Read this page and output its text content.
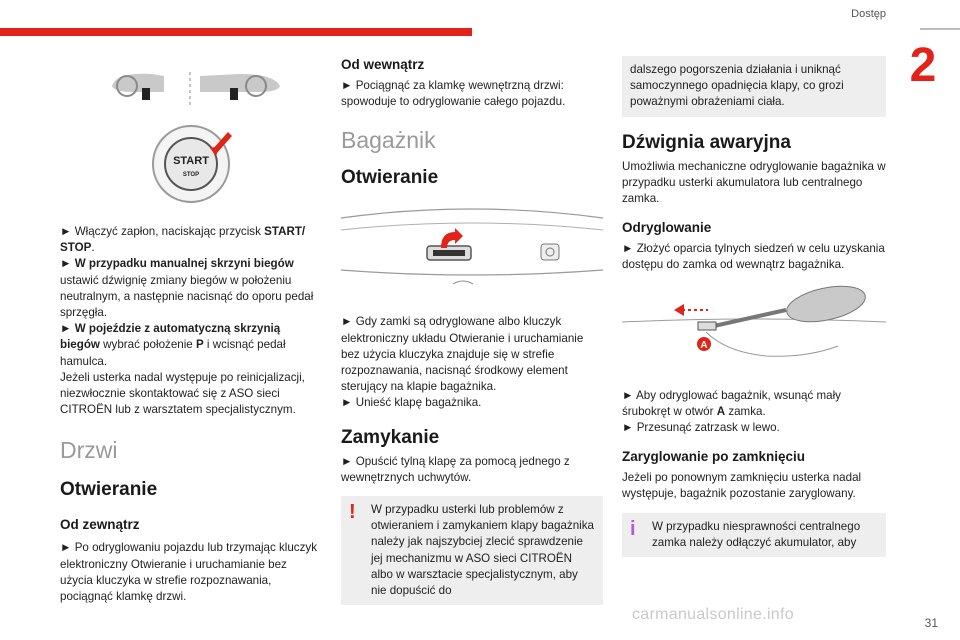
Dostęp
2
31
carmanualsonline.info
START
STOP

► Włączyć zapłon, naciskając przycisk START/ STOP.

► W przypadku manualnej skrzyni biegów ustawić dźwignię zmiany biegów w położeniu neutralnym, a następnie nacisnąć do oporu pedał sprzęgła.

► W pojeździe z automatyczną skrzynią biegów wybrać położenie P i wcisnąć pedał hamulca.

Jeżeli usterka nadal występuje po reinicjalizacji, niezwłocznie skontaktować się z ASO sieci CITROËN lub z warsztatem specjalistycznym.

Drzwi
Otwieranie
Od zewnątrz

► Po odryglowaniu pojazdu lub trzymając kluczyk elektroniczny Otwieranie i uruchamianie bez użycia kluczyka w strefie rozpoznawania, pociągnąć klamkę drzwi.

Od wewnątrz

► Pociągnąć za klamkę wewnętrzną drzwi: spowoduje to odryglowanie całego pojazdu.

Bagażnik
Otwieranie

► Gdy zamki są odryglowane albo kluczyk elektroniczny układu Otwieranie i uruchamianie bez użycia kluczyka znajduje się w strefie rozpoznawania, nacisnąć środkowy element sterujący na klapie bagażnika.

► Unieść klapę bagażnika.

Zamykanie

► Opuścić tylną klapę za pomocą jednego z wewnętrznych uchwytów.

! W przypadku usterki lub problemów z otwieraniem i zamykaniem klapy bagażnika należy jak najszybciej zlecić sprawdzenie jej mechanizmu w ASO sieci CITROËN albo w warsztacie specjalistycznym, aby nie dopuścić do
dalszego pogorszenia działania i uniknąć samoczynnego opadnięcia klapy, co grozi poważnymi obrażeniami ciała.
Dźwignia awaryjna

Umożliwia mechaniczne odryglowanie bagażnika w przypadku usterki akumulatora lub centralnego zamka.

Odryglowanie

► Złożyć oparcia tylnych siedzeń w celu uzyskania dostępu do zamka od wewnątrz bagażnika.

A

► Aby odryglować bagażnik, wsunąć mały śrubokręt w otwór A zamka.

► Przesunąć zatrzask w lewo.

Zaryglowanie po zamknięciu

Jeżeli po ponownym zamknięciu usterka nadal występuje, bagażnik pozostanie zaryglowany.

i W przypadku niesprawności centralnego zamka należy odłączyć akumulator, aby
